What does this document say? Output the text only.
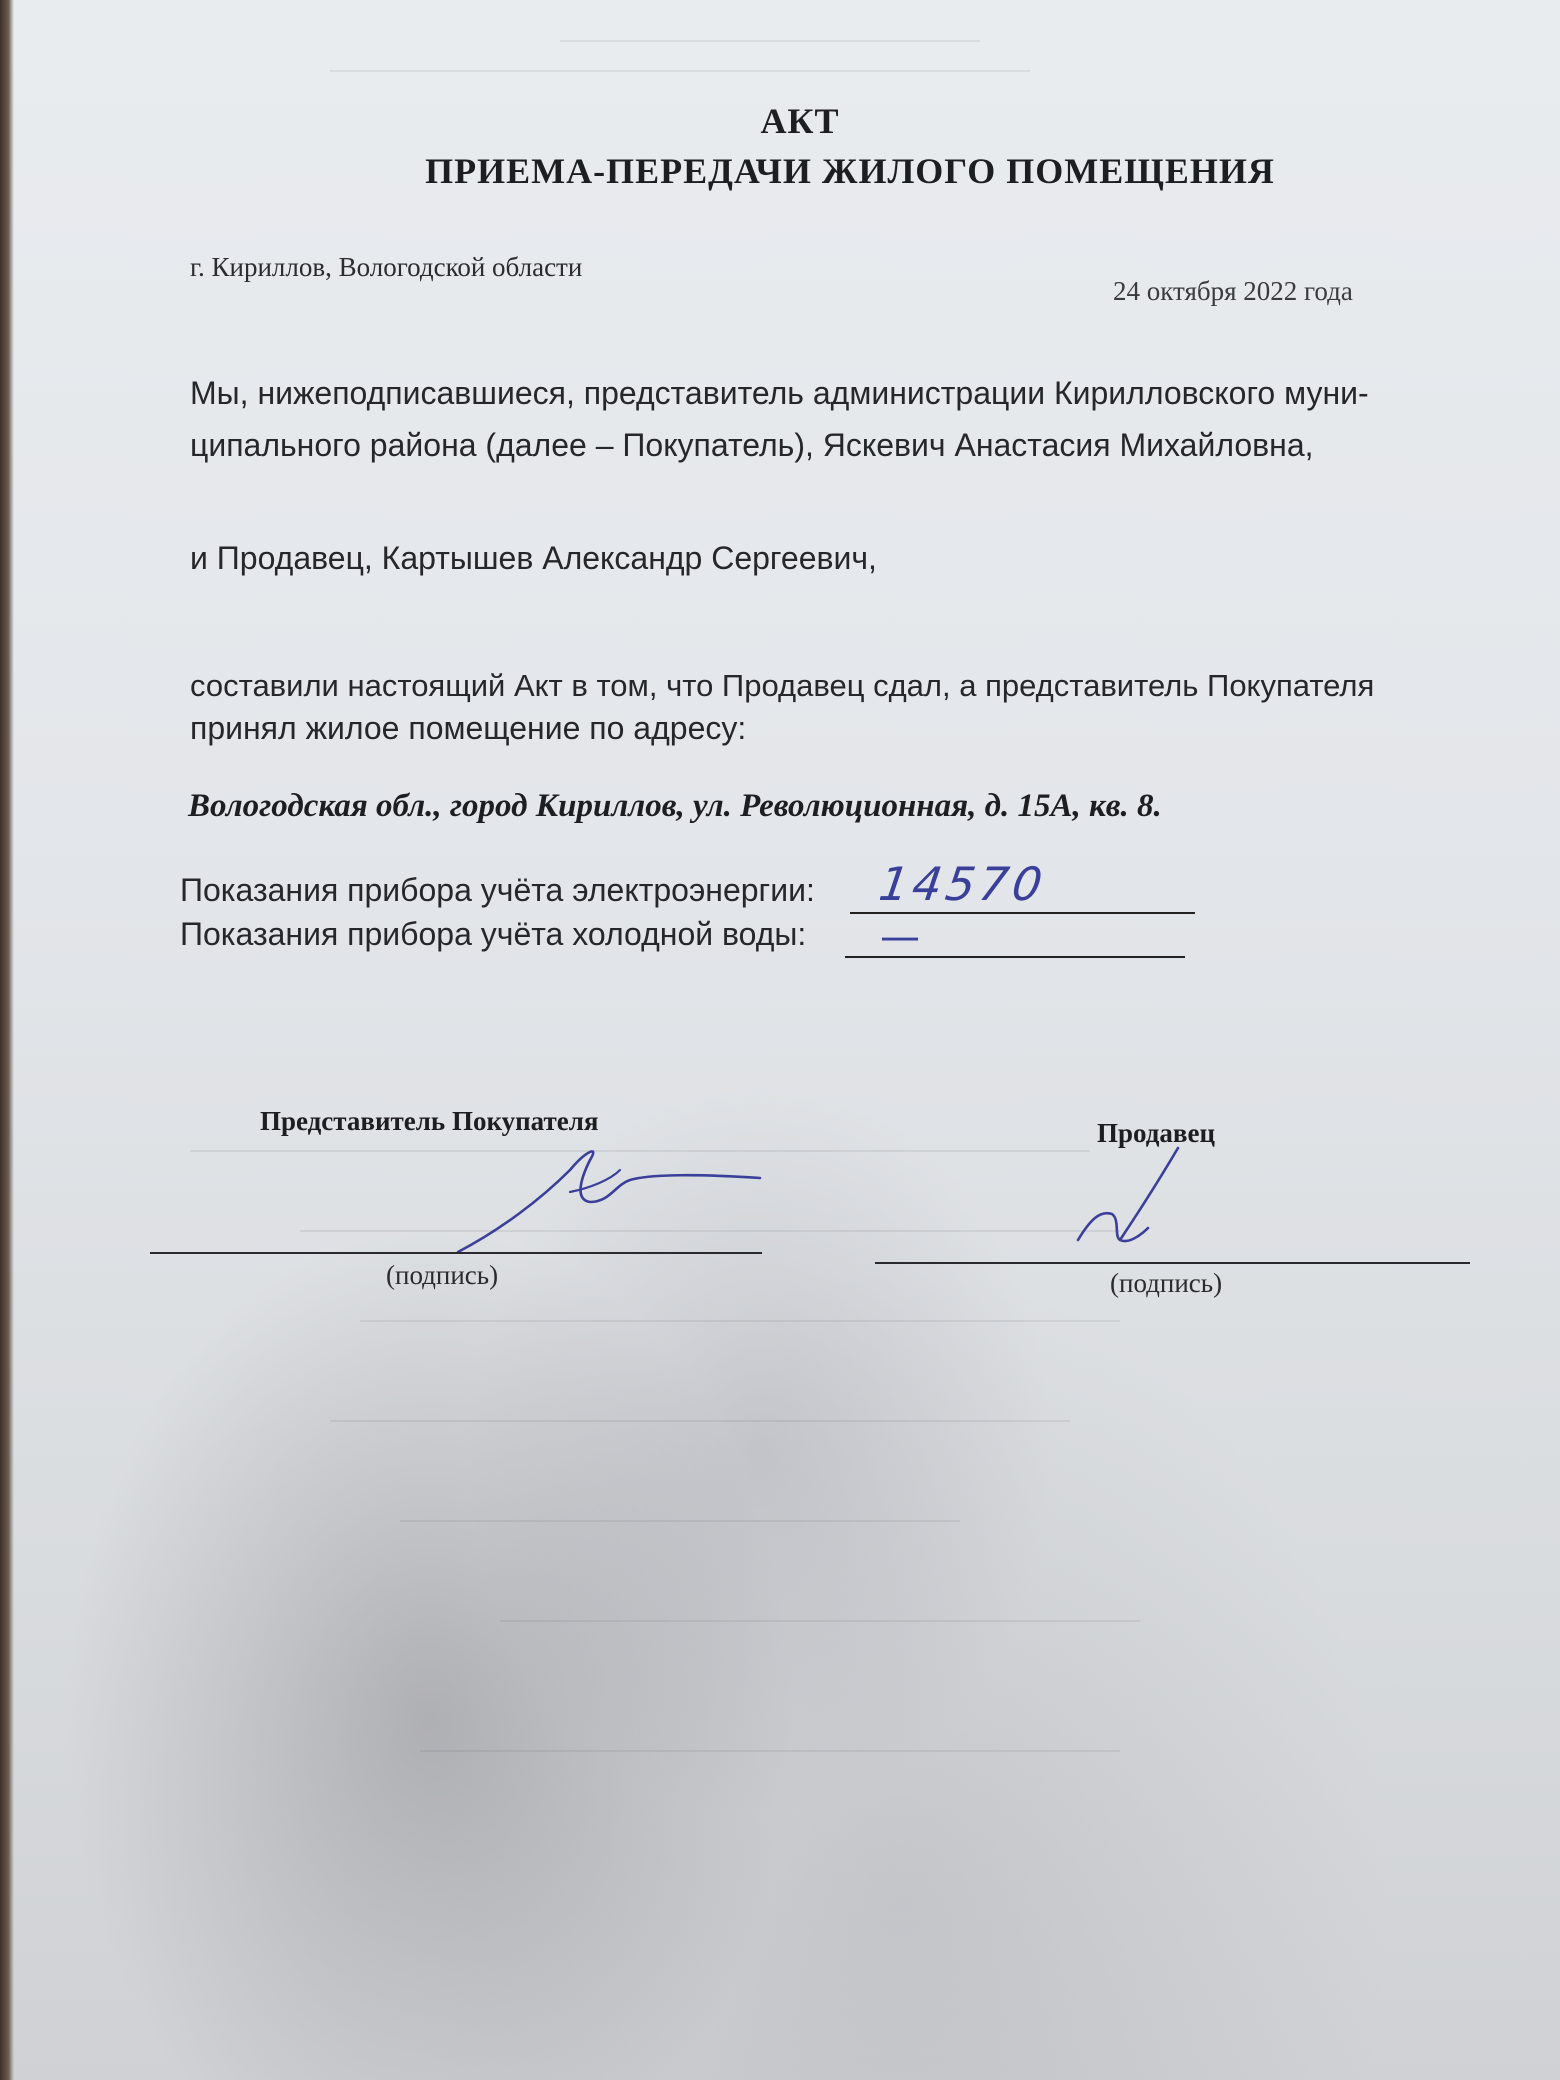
АКТ
ПРИЕМА-ПЕРЕДАЧИ ЖИЛОГО ПОМЕЩЕНИЯ
г. Кириллов, Вологодской области
24 октября 2022 года
Мы, нижеподписавшиеся, представитель администрации Кирилловского муни-
ципального района (далее – Покупатель), Яскевич Анастасия Михайловна,
и Продавец, Картышев Александр Сергеевич,
составили настоящий Акт в том, что Продавец сдал, а представитель Покупателя
принял жилое помещение по адресу:
Вологодская обл., город Кириллов, ул. Революционная, д. 15А, кв. 8.
Показания прибора учёта электроэнергии: 14570
Показания прибора учёта холодной воды: —
Представитель Покупателя	Продавец
(подпись)	(подпись)
